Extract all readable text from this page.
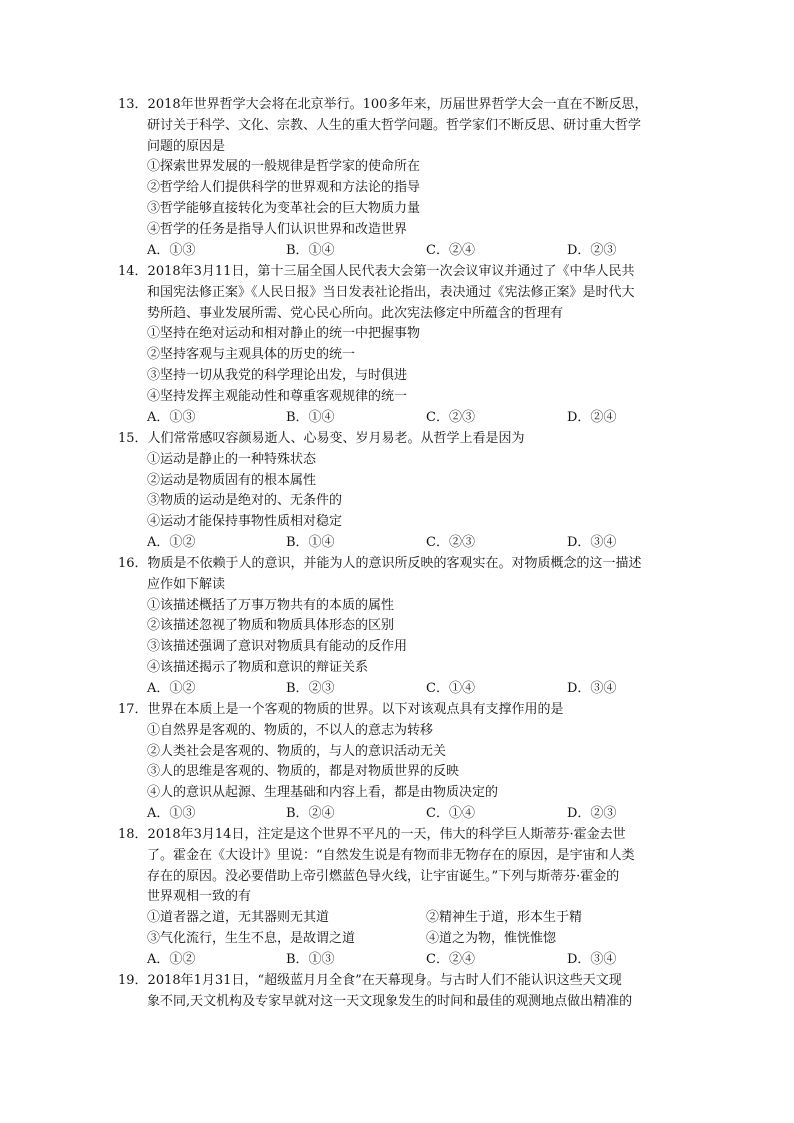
13．2018年世界哲学大会将在北京举行。100多年来，历届世界哲学大会一直在不断反思，
研讨关于科学、文化、宗教、人生的重大哲学问题。哲学家们不断反思、研讨重大哲学
问题的原因是
①探索世界发展的一般规律是哲学家的使命所在
②哲学给人们提供科学的世界观和方法论的指导
③哲学能够直接转化为变革社会的巨大物质力量
④哲学的任务是指导人们认识世界和改造世界
A．①③	B．①④	C．②④	D．②③
14．2018年3月11日，第十三届全国人民代表大会第一次会议审议并通过了《中华人民共
和国宪法修正案》《人民日报》当日发表社论指出，表决通过《宪法修正案》是时代大
势所趋、事业发展所需、党心民心所向。此次宪法修定中所蕴含的哲理有
①坚持在绝对运动和相对静止的统一中把握事物
②坚持客观与主观具体的历史的统一
③坚持一切从我党的科学理论出发，与时俱进
④坚持发挥主观能动性和尊重客观规律的统一
A．①③	B．①④	C．②③	D．②④
15．人们常常感叹容颜易逝人、心易变、岁月易老。从哲学上看是因为
①运动是静止的一种特殊状态
②运动是物质固有的根本属性
③物质的运动是绝对的、无条件的
④运动才能保持事物性质相对稳定
A．①②	B．①④	C．②③	D．③④
16．物质是不依赖于人的意识，并能为人的意识所反映的客观实在。对物质概念的这一描述
应作如下解读
①该描述概括了万事万物共有的本质的属性
②该描述忽视了物质和物质具体形态的区别
③该描述强调了意识对物质具有能动的反作用
④该描述揭示了物质和意识的辩证关系
A．①②	B．②③	C．①④	D．③④
17．世界在本质上是一个客观的物质的世界。以下对该观点具有支撑作用的是
①自然界是客观的、物质的，不以人的意志为转移
②人类社会是客观的、物质的，与人的意识活动无关
③人的思维是客观的、物质的，都是对物质世界的反映
④人的意识从起源、生理基础和内容上看，都是由物质决定的
A．①③	B．②④	C．①④	D．②③
18．2018年3月14日，注定是这个世界不平凡的一天，伟大的科学巨人斯蒂芬·霍金去世
了。霍金在《大设计》里说：“自然发生说是有物而非无物存在的原因，是宇宙和人类
存在的原因。没必要借助上帝引燃蓝色导火线，让宇宙诞生。”下列与斯蒂芬·霍金的
世界观相一致的有
①道者器之道，无其器则无其道	②精神生于道，形本生于精
③气化流行，生生不息，是故谓之道	④道之为物，惟恍惟惚
A．①②	B．①③	C．②④	D．③④
19．2018年1月31日，“超级蓝月月全食”在天幕现身。与古时人们不能认识这些天文现
象不同,天文机构及专家早就对这一天文现象发生的时间和最佳的观测地点做出精准的
